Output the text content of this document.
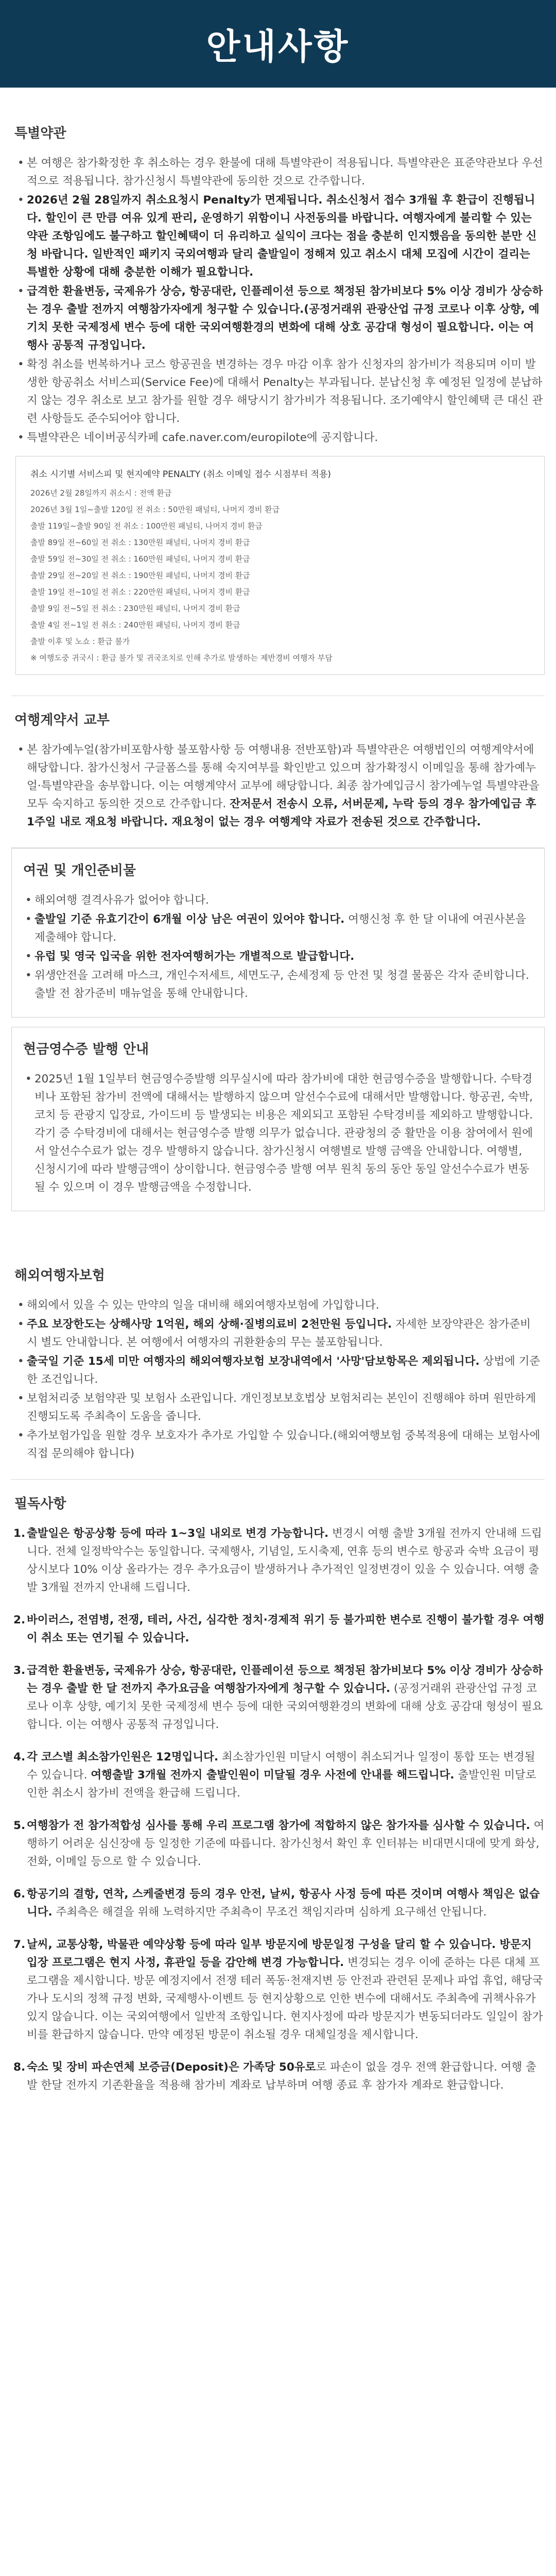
안내사항
특별약관
• 본 여행은 참가확정한 후 취소하는 경우 환불에 대해 특별약관이 적용됩니다. 특별약관은 표준약관보다 우선적으로 적용됩니다. 참가신청시 특별약관에 동의한 것으로 간주합니다.
• 2026년 2월 28일까지 취소요청시 Penalty가 면제됩니다. 취소신청서 접수 3개월 후 환급이 진행됩니다. 할인이 큰 만큼 여유 있게 판리, 운영하기 위함이니 사전동의를 바랍니다. 여행자에게 불리할 수 있는 약관 조항임에도 불구하고 할인혜택이 더 유리하고 실익이 크다는 점을 충분히 인지했음을 동의한 분만 신청 바랍니다. 일반적인 패키지 국외여행과 달리 출발일이 정해져 있고 취소시 대체 모집에 시간이 걸리는 특별한 상황에 대해 충분한 이해가 필요합니다.
• 급격한 환율변동, 국제유가 상승, 항공대란, 인플레이션 등으로 책정된 참가비보다 5% 이상 경비가 상승하는 경우 출발 전까지 여행참가자에게 청구할 수 있습니다.(공정거래위 관광산업 규정 코로나 이후 상향, 예기치 못한 국제정세 변수 등에 대한 국외여행환경의 변화에 대해 상호 공감대 형성이 필요합니다. 이는 여행사 공통적 규정입니다.
• 확정 취소를 번복하거나 코스 항공권을 변경하는 경우 마감 이후 참가 신청자의 참가비가 적용되며 이미 발생한 항공취소 서비스피(Service Fee)에 대해서 Penalty는 부과됩니다. 분납신청 후 예정된 일정에 분납하지 않는 경우 취소로 보고 참가를 원할 경우 해당시기 참가비가 적용됩니다. 조기예약시 할인혜택 큰 대신 관련 사항들도 준수되어야 합니다.
• 특별약관은 네이버공식카페 cafe.naver.com/europilote에 공지합니다.
취소 시기별 서비스피 및 현지예약 PENALTY (취소 이메일 접수 시점부터 적용)
2026년 2월 28일까지 취소시 : 전액 환급
2026년 3월 1일~출발 120일 전 취소 : 50만원 패널티, 나머지 경비 환급
출발 119일~출발 90일 전 취소 : 100만원 패널티, 나머지 경비 환급
출발 89일 전~60일 전 취소 : 130만원 패널티, 나머지 경비 환급
출발 59일 전~30일 전 취소 : 160만원 패널티, 나머지 경비 환급
출발 29일 전~20일 전 취소 : 190만원 패널티, 나머지 경비 환급
출발 19일 전~10일 전 취소 : 220만원 패널티, 나머지 경비 환급
출발 9일 전~5일 전 취소 : 230만원 패널티, 나머지 경비 환급
출발 4일 전~1일 전 취소 : 240만원 패널티, 나머지 경비 환급
출발 이후 및 노쇼 : 환급 불가
※ 여행도중 귀국시 : 환급 불가 및 귀국조치로 인해 추가로 발생하는 제반경비 여행자 부담
여행계약서 교부
• 본 참가예누얼(참가비포함사항 불포함사항 등 여행내용 전반포함)과 특별약관은 여행법인의 여행계약서에 해당합니다. 참가신청서 구글폼스를 통해 숙지여부를 확인받고 있으며 참가확정시 이메일을 통해 참가예누얼·특별약관을 송부합니다. 이는 여행계약서 교부에 해당합니다. 최종 참가예입금시 참가예누얼 특별약관을 모두 숙지하고 동의한 것으로 간주합니다. 잔저문서 전송시 오류, 서버문제, 누락 등의 경우 참가예입금 후 1주일 내로 재요청 바랍니다. 재요청이 없는 경우 여행계약 자료가 전송된 것으로 간주합니다.
여권 및 개인준비물
• 해외여행 결격사유가 없어야 합니다.
• 출발일 기준 유효기간이 6개월 이상 남은 여권이 있어야 합니다. 여행신청 후 한 달 이내에 여권사본을 제출해야 합니다.
• 유럽 및 영국 입국을 위한 전자여행허가는 개별적으로 발급합니다.
• 위생안전을 고려해 마스크, 개인수저세트, 세면도구, 손세정제 등 안전 및 청결 물품은 각자 준비합니다. 출발 전 참가준비 매뉴얼을 통해 안내합니다.
현금영수증 발행 안내
• 2025년 1월 1일부터 현금영수증발행 의무실시에 따라 참가비에 대한 현금영수증을 발행합니다. 수탁경비나 포함된 참가비 전액에 대해서는 발행하지 않으며 알선수수료에 대해서만 발행합니다. 항공권, 숙박, 코치 등 관광지 입장료, 가이드비 등 발생되는 비용은 제외되고 포함된 수탁경비를 제외하고 발행합니다. 각기 증 수탁경비에 대해서는 현금영수증 발행 의무가 없습니다. 관광청의 중 활만을 이용 참여에서 원에서 알선수수료가 없는 경우 발행하지 않습니다. 참가신청시 여행별로 발행 금액을 안내합니다. 여행별, 신청시기에 따라 발행금액이 상이합니다. 현금영수증 발행 여부 원칙 동의 동안 동일 알선수수료가 변동될 수 있으며 이 경우 발행금액을 수정합니다.
해외여행자보험
• 해외에서 있을 수 있는 만약의 일을 대비해 해외여행자보험에 가입합니다.
• 주요 보장한도는 상해사망 1억원, 해외 상해·질병의료비 2천만원 등입니다. 자세한 보장약관은 참가준비 시 별도 안내합니다. 본 여행에서 여행자의 귀환환송의 무는 불포함됩니다.
• 출국일 기준 15세 미만 여행자의 해외여행자보험 보장내역에서 '사망'담보항목은 제외됩니다. 상법에 기준한 조건입니다.
• 보험처리중 보험약관 및 보험사 소관입니다. 개인정보보호법상 보험처리는 본인이 진행해야 하며 원만하게 진행되도록 주최측이 도움을 줍니다.
• 추가보험가입을 원할 경우 보호자가 추가로 가입할 수 있습니다.(해외여행보험 중복적용에 대해는 보험사에 직접 문의해야 합니다)
필독사항
1. 출발일은 항공상황 등에 따라 1~3일 내외로 변경 가능합니다. 변경시 여행 출발 3개월 전까지 안내해 드립니다. 전체 일정박악수는 동일합니다. 국제행사, 기념일, 도시축제, 연휴 등의 변수로 항공과 숙박 요금이 평상시보다 10% 이상 올라가는 경우 추가요금이 발생하거나 추가적인 일정변경이 있을 수 있습니다. 여행 출발 3개월 전까지 안내해 드립니다.
2. 바이러스, 전염병, 전쟁, 테러, 사건, 심각한 정치·경제적 위기 등 불가피한 변수로 진행이 불가할 경우 여행이 취소 또는 연기될 수 있습니다.
3. 급격한 환율변동, 국제유가 상승, 항공대란, 인플레이션 등으로 책정된 참가비보다 5% 이상 경비가 상승하는 경우 출발 한 달 전까지 추가요금을 여행참가자에게 청구할 수 있습니다. (공정거래위 관광산업 규정 코로나 이후 상향, 예기치 못한 국제정세 변수 등에 대한 국외여행환경의 변화에 대해 상호 공감대 형성이 필요합니다. 이는 여행사 공통적 규정입니다.
4. 각 코스별 최소참가인원은 12명입니다. 최소참가인원 미달시 여행이 취소되거나 일정이 통합 또는 변경될 수 있습니다. 여행출발 3개월 전까지 출발인원이 미달될 경우 사전에 안내를 해드립니다. 출발인원 미달로 인한 취소시 참가비 전액을 환급해 드립니다.
5. 여행참가 전 참가적합성 심사를 통해 우리 프로그램 참가에 적합하지 않은 참가자를 심사할 수 있습니다. 여행하기 어려운 심신장애 등 일정한 기준에 따릅니다. 참가신청서 확인 후 인터뷰는 비대면시대에 맞게 화상, 전화, 이메일 등으로 할 수 있습니다.
6. 항공기의 결항, 연착, 스케줄변경 등의 경우 안전, 날씨, 항공사 사정 등에 따른 것이며 여행사 책임은 없습니다. 주최측은 해결을 위해 노력하지만 주최측이 무조건 책임지라며 심하게 요구해선 안됩니다.
7. 날씨, 교통상황, 박물관 예약상황 등에 따라 일부 방문지에 방문일정 구성을 달리 할 수 있습니다. 방문지 입장 프로그램은 현지 사정, 휴관일 등을 감안해 변경 가능합니다. 변경되는 경우 이에 준하는 다른 대체 프로그램을 제시합니다. 방문 예정지에서 전쟁 테러 폭동·천재지변 등 안전과 관련된 문제나 파업 휴업, 해당국가나 도시의 정책 규정 변화, 국제행사·이벤트 등 현지상황으로 인한 변수에 대해서도 주최측에 귀책사유가 있지 않습니다. 이는 국외여행에서 일반적 조항입니다. 현지사정에 따라 방문지가 변동되더라도 일일이 참가비를 환급하지 않습니다. 만약 예정된 방문이 취소될 경우 대체일정을 제시합니다.
8. 숙소 및 장비 파손연체 보증금(Deposit)은 가족당 50유로로 파손이 없을 경우 전액 환급합니다. 여행 출발 한달 전까지 기존환율을 적용해 참가비 계좌로 납부하며 여행 종료 후 참가자 계좌로 환급합니다.
